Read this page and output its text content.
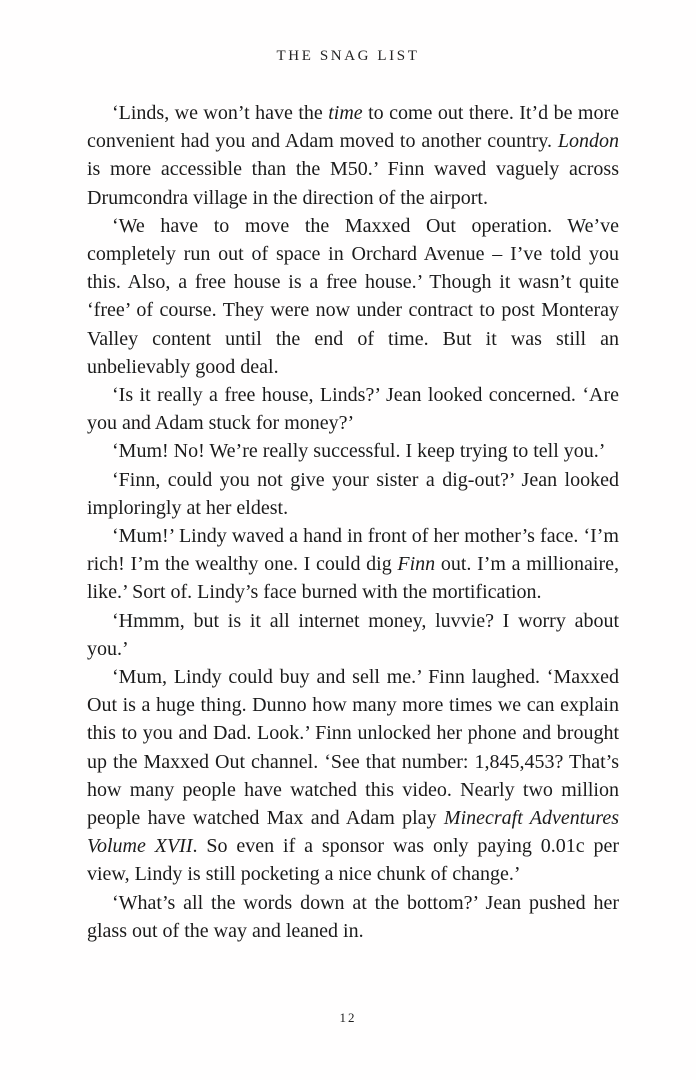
THE SNAG LIST

‘Linds, we won’t have the time to come out there. It’d be more convenient had you and Adam moved to another country. London is more accessible than the M50.’ Finn waved vaguely across Drumcondra village in the direction of the airport.

‘We have to move the Maxxed Out operation. We’ve completely run out of space in Orchard Avenue – I’ve told you this. Also, a free house is a free house.’ Though it wasn’t quite ‘free’ of course. They were now under contract to post Monteray Valley content until the end of time. But it was still an unbelievably good deal.

‘Is it really a free house, Linds?’ Jean looked concerned. ‘Are you and Adam stuck for money?’

‘Mum! No! We’re really successful. I keep trying to tell you.’

‘Finn, could you not give your sister a dig-out?’ Jean looked imploringly at her eldest.

‘Mum!’ Lindy waved a hand in front of her mother’s face. ‘I’m rich! I’m the wealthy one. I could dig Finn out. I’m a millionaire, like.’ Sort of. Lindy’s face burned with the mortification.

‘Hmmm, but is it all internet money, luvvie? I worry about you.’

‘Mum, Lindy could buy and sell me.’ Finn laughed. ‘Maxxed Out is a huge thing. Dunno how many more times we can explain this to you and Dad. Look.’ Finn unlocked her phone and brought up the Maxxed Out channel. ‘See that number: 1,845,453? That’s how many people have watched this video. Nearly two million people have watched Max and Adam play Minecraft Adventures Volume XVII. So even if a sponsor was only paying 0.01c per view, Lindy is still pocketing a nice chunk of change.’

‘What’s all the words down at the bottom?’ Jean pushed her glass out of the way and leaned in.

12
